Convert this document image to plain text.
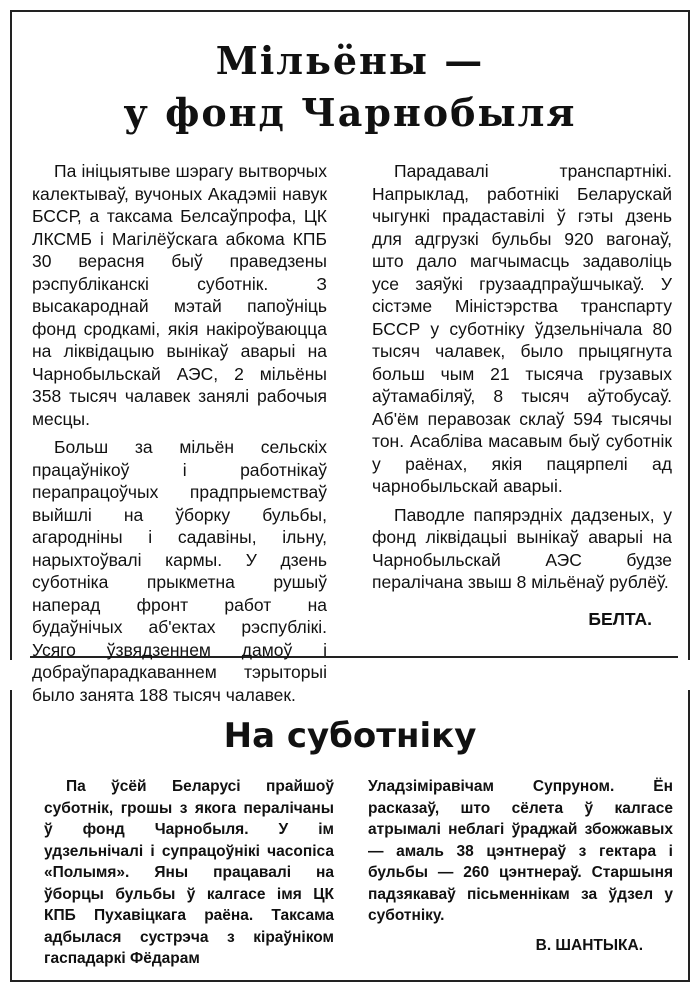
Мільёны —
у фонд Чарнобыля

Па ініцыятыве шэрагу вытворчых калектываў, вучоных Акадэміі навук БССР, а таксама Белсаўпрофа, ЦК ЛКСМБ і Магілёўскага абкома КПБ 30 верасня быў праведзены рэспубліканскі суботнік. З высакароднай мэтай папоўніць фонд сродкамі, якія накіроўваюцца на ліквідацыю вынікаў аварыі на Чарнобыльскай АЭС, 2 мільёны 358 тысяч чалавек занялі рабочыя месцы.

Больш за мільён сельскіх працаўнікоў і работнікаў перапрацоўчых прадпрыемстваў выйшлі на ўборку бульбы, агародніны і садавіны, ільну, нарыхтоўвалі кармы. У дзень суботніка прыкметна рушыў наперад фронт работ на будаўнічых аб'ектах рэспублікі. Усяго ўзвядзеннем дамоў і добраўпарадкаваннем тэрыторыі было занята 188 тысяч чалавек.

Парадавалі транспартнікі. Напрыклад, работнікі Беларускай чыгункі прадаставілі ў гэты дзень для адгрузкі бульбы 920 вагонаў, што дало магчымасць задаволіць усе заяўкі грузаадпраўшчыкаў. У сістэме Міністэрства транспарту БССР у суботніку ўдзельнічала 80 тысяч чалавек, было прыцягнута больш чым 21 тысяча грузавых аўтамабіляў, 8 тысяч аўтобусаў. Аб'ём перавозак склаў 594 тысячы тон. Асабліва масавым быў суботнік у раёнах, якія пацярпелі ад чарнобыльскай аварыі.

Паводле папярэдніх дадзеных, у фонд ліквідацыі вынікаў аварыі на Чарнобыльскай АЭС будзе пералічана звыш 8 мільёнаў рублёў.

БЕЛТА.
На суботніку

Па ўсёй Беларусі прайшоў суботнік, грошы з якога пералічаны ў фонд Чарнобыля. У ім удзельнічалі і супрацоўнікі часопіса «Полымя». Яны працавалі на ўборцы бульбы ў калгасе імя ЦК КПБ Пухавіцкага раёна. Таксама адбылася сустрэча з кіраўніком гаспадаркі Фёдарам

Уладзіміравічам Супруном. Ён расказаў, што сёлета ў калгасе атрымалі неблагі ўраджай збожжавых — амаль 38 цэнтнераў з гектара і бульбы — 260 цэнтнераў. Старшыня падзякаваў пісьменнікам за ўдзел у суботніку.

В. ШАНТЫКА.
